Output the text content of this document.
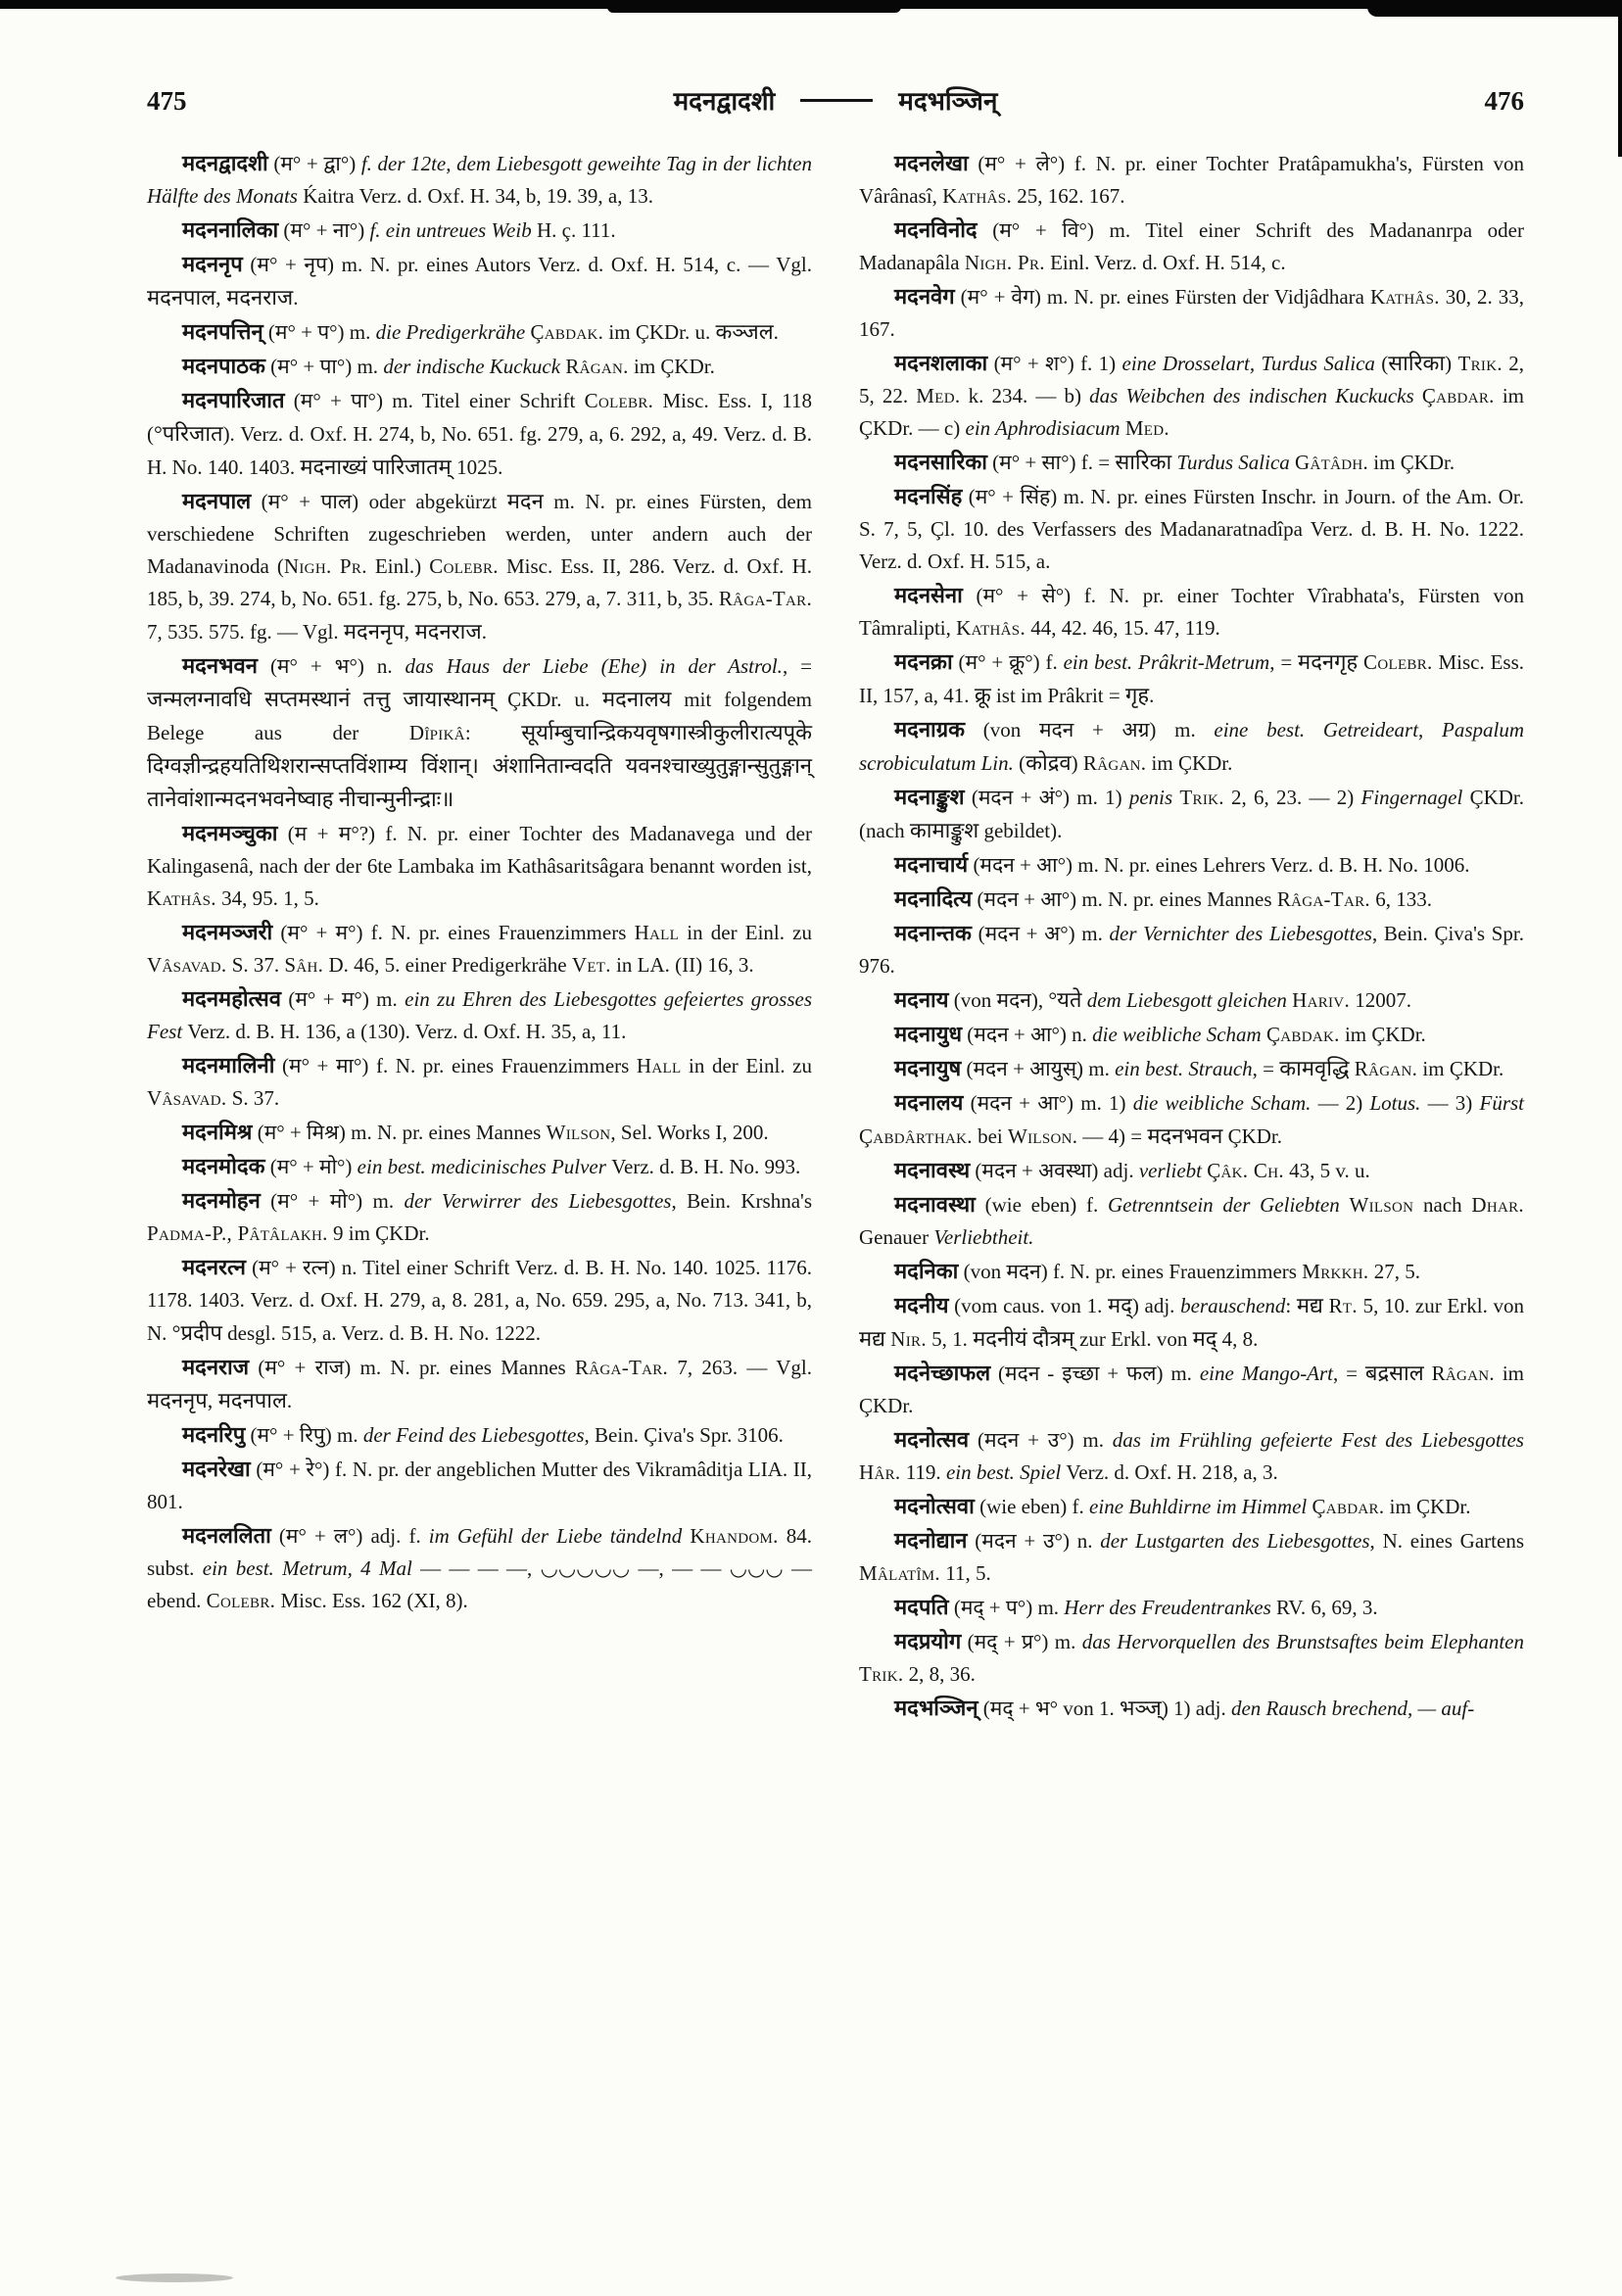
475	मदनद्वादशी	मदभञ्जिन्	476

मदनद्वादशी (म° + द्वा°) f. der 12te, dem Liebesgott geweihte Tag in der lichten Hälfte des Monats Ḱaitra Verz. d. Oxf. H. 34, b, 19. 39, a, 13.

मदननालिका (म° + ना°) f. ein untreues Weib H. ç. 111.

मदननृप (म° + नृप) m. N. pr. eines Autors Verz. d. Oxf. H. 514, c. — Vgl. मदनपाल, मदनराज.

मदनपत्तिन् (म° + प°) m. die Predigerkrähe Çabdak. im ÇKDr. u. कञ्जल.

मदनपाठक (म° + पा°) m. der indische Kuckuck Râgan. im ÇKDr.

मदनपारिजात (म° + पा°) m. Titel einer Schrift Colebr. Misc. Ess. I, 118 (°परिजात). Verz. d. Oxf. H. 274, b, No. 651. fg. 279, a, 6. 292, a, 49. Verz. d. B. H. No. 140. 1403. मदनाख्यं पारिजातम् 1025.

मदनपाल (म° + पाल) oder abgekürzt मदन m. N. pr. eines Fürsten, dem verschiedene Schriften zugeschrieben werden, unter andern auch der Madanavinoda (Nigh. Pr. Einl.) Colebr. Misc. Ess. II, 286. Verz. d. Oxf. H. 185, b, 39. 274, b, No. 651. fg. 275, b, No. 653. 279, a, 7. 311, b, 35. Râga-Tar. 7, 535. 575. fg. — Vgl. मदननृप, मदनराज.

मदनभवन (म° + भ°) n. das Haus der Liebe (Ehe) in der Astrol., = जन्मलग्नावधि सप्तमस्थानं तत्तु जायास्थानम् ÇKDr. u. मदनालय mit folgendem Belege aus der Dîpikâ: सूर्याम्बुचान्द्रिकयवृषगास्त्रीकुलीरात्यपूके दिग्वज्ञीन्द्रहयतिथिशरान्सप्तविंशाम्य विंशान्। अंशानितान्वदति यवनश्चाख्युतुङ्गान्सुतुङ्गान् तानेवांशान्मदनभवनेष्वाह नीचान्मुनीन्द्राः॥

मदनमञ्चुका (म + म°?) f. N. pr. einer Tochter des Madanavega und der Kalingasenâ, nach der der 6te Lambaka im Kathâsaritsâgara benannt worden ist, Kathâs. 34, 95. 1, 5.

मदनमञ्जरी (म° + म°) f. N. pr. eines Frauenzimmers Hall in der Einl. zu Vâsavad. S. 37. Sâh. D. 46, 5. einer Predigerkrähe Vet. in LA. (II) 16, 3.

मदनमहोत्सव (म° + म°) m. ein zu Ehren des Liebesgottes gefeiertes grosses Fest Verz. d. B. H. 136, a (130). Verz. d. Oxf. H. 35, a, 11.

मदनमालिनी (म° + मा°) f. N. pr. eines Frauenzimmers Hall in der Einl. zu Vâsavad. S. 37.

मदनमिश्र (म° + मिश्र) m. N. pr. eines Mannes Wilson, Sel. Works I, 200.

मदनमोदक (म° + मो°) ein best. medicinisches Pulver Verz. d. B. H. No. 993.

मदनमोहन (म° + मो°) m. der Verwirrer des Liebesgottes, Bein. Krshna's Padma-P., Pâtâlakh. 9 im ÇKDr.

मदनरत्न (म° + रत्न) n. Titel einer Schrift Verz. d. B. H. No. 140. 1025. 1176. 1178. 1403. Verz. d. Oxf. H. 279, a, 8. 281, a, No. 659. 295, a, No. 713. 341, b, N. °प्रदीप desgl. 515, a. Verz. d. B. H. No. 1222.

मदनराज (म° + राज) m. N. pr. eines Mannes Râga-Tar. 7, 263. — Vgl. मदननृप, मदनपाल.

मदनरिपु (म° + रिपु) m. der Feind des Liebesgottes, Bein. Çiva's Spr. 3106.

मदनरेखा (म° + रे°) f. N. pr. der angeblichen Mutter des Vikramâditja LIA. II, 801.

मदनललिता (म° + ल°) adj. f. im Gefühl der Liebe tändelnd Khandom. 84. subst. ein best. Metrum, 4 Mal — — — —, ◡◡◡◡◡ —, — — ◡◡◡ — ebend. Colebr. Misc. Ess. 162 (XI, 8).

मदनलेखा (म° + ले°) f. N. pr. einer Tochter Pratâpamukha's, Fürsten von Vârânasî, Kathâs. 25, 162. 167.

मदनविनोद (म° + वि°) m. Titel einer Schrift des Madananrpa oder Madanapâla Nigh. Pr. Einl. Verz. d. Oxf. H. 514, c.

मदनवेग (म° + वेग) m. N. pr. eines Fürsten der Vidjâdhara Kathâs. 30, 2. 33, 167.

मदनशलाका (म° + श°) f. 1) eine Drosselart, Turdus Salica (सारिका) Trik. 2, 5, 22. Med. k. 234. — b) das Weibchen des indischen Kuckucks Çabdar. im ÇKDr. — c) ein Aphrodisiacum Med.

मदनसारिका (म° + सा°) f. = सारिका Turdus Salica Gâtâdh. im ÇKDr.

मदनसिंह (म° + सिंह) m. N. pr. eines Fürsten Inschr. in Journ. of the Am. Or. S. 7, 5, Çl. 10. des Verfassers des Madanaratnadîpa Verz. d. B. H. No. 1222. Verz. d. Oxf. H. 515, a.

मदनसेना (म° + से°) f. N. pr. einer Tochter Vîrabhata's, Fürsten von Tâmralipti, Kathâs. 44, 42. 46, 15. 47, 119.

मदनक्रा (म° + क्रू°) f. ein best. Prâkrit-Metrum, = मदनगृह Colebr. Misc. Ess. II, 157, a, 41. क्रू ist im Prâkrit = गृह.

मदनाग्रक (von मदन + अग्र) m. eine best. Getreideart, Paspalum scrobiculatum Lin. (कोद्रव) Râgan. im ÇKDr.

मदनाङ्कुश (मदन + अं°) m. 1) penis Trik. 2, 6, 23. — 2) Fingernagel ÇKDr. (nach कामाङ्कुश gebildet).

मदनाचार्य (मदन + आ°) m. N. pr. eines Lehrers Verz. d. B. H. No. 1006.

मदनादित्य (मदन + आ°) m. N. pr. eines Mannes Râga-Tar. 6, 133.

मदनान्तक (मदन + अ°) m. der Vernichter des Liebesgottes, Bein. Çiva's Spr. 976.

मदनाय (von मदन), °यते dem Liebesgott gleichen Hariv. 12007.

मदनायुध (मदन + आ°) n. die weibliche Scham Çabdak. im ÇKDr.

मदनायुष (मदन + आयुस्) m. ein best. Strauch, = कामवृद्धि Râgan. im ÇKDr.

मदनालय (मदन + आ°) m. 1) die weibliche Scham. — 2) Lotus. — 3) Fürst Çabdârthak. bei Wilson. — 4) = मदनभवन ÇKDr.

मदनावस्थ (मदन + अवस्था) adj. verliebt Çâk. Ch. 43, 5 v. u.

मदनावस्था (wie eben) f. Getrenntsein der Geliebten Wilson nach Dhar. Genauer Verliebtheit.

मदनिका (von मदन) f. N. pr. eines Frauenzimmers Mrkkh. 27, 5.

मदनीय (vom caus. von 1. मद्) adj. berauschend: मद्य Rt. 5, 10. zur Erkl. von मद्य Nir. 5, 1. मदनीयं दौत्रम् zur Erkl. von मद् 4, 8.

मदनेच्छाफल (मदन - इच्छा + फल) m. eine Mango-Art, = बद्रसाल Râgan. im ÇKDr.

मदनोत्सव (मदन + उ°) m. das im Frühling gefeierte Fest des Liebesgottes Hâr. 119. ein best. Spiel Verz. d. Oxf. H. 218, a, 3.

मदनोत्सवा (wie eben) f. eine Buhldirne im Himmel Çabdar. im ÇKDr.

मदनोद्यान (मदन + उ°) n. der Lustgarten des Liebesgottes, N. eines Gartens Mâlatîm. 11, 5.

मदपति (मद् + प°) m. Herr des Freudentrankes RV. 6, 69, 3.

मदप्रयोग (मद् + प्र°) m. das Hervorquellen des Brunstsaftes beim Elephanten Trik. 2, 8, 36.

मदभञ्जिन् (मद् + भ° von 1. भञ्ज्) 1) adj. den Rausch brechend, — auf-
